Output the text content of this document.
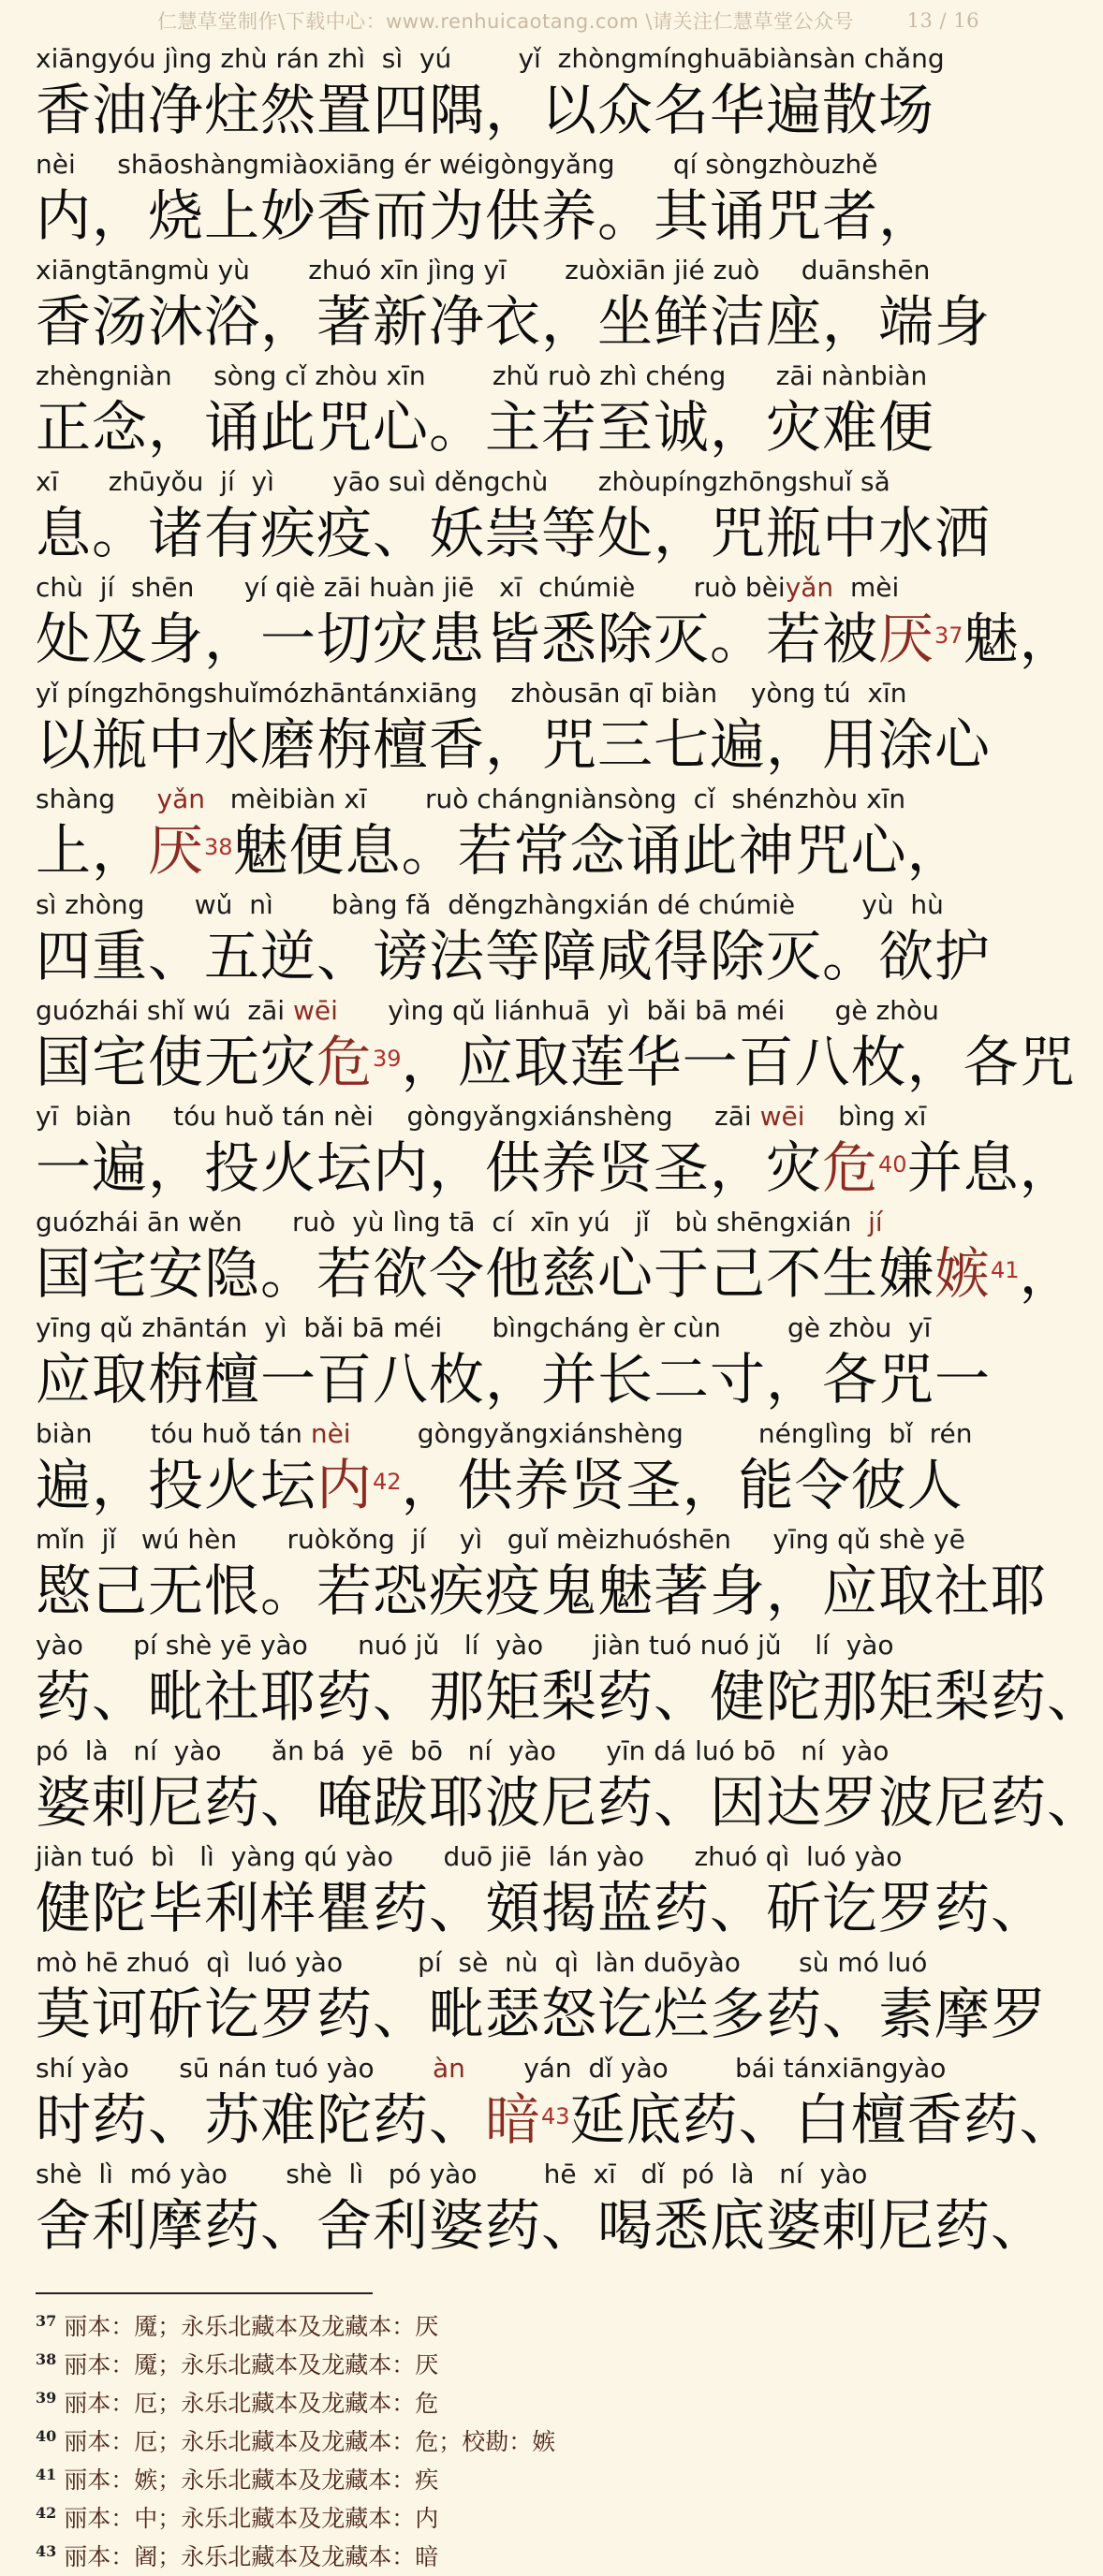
仁慧草堂制作\下载中心：www.renhuicaotang.com \请关注仁慧草堂公众号	13 / 16
xiāngyóu jìng zhù rán zhì  sì  yú        yǐ  zhòngmínghuābiànsàn chǎng
香油净炷然置四隅，以众名华遍散场
nèi     shāoshàngmiàoxiāng ér wéigòngyǎng       qí sòngzhòuzhě
内，烧上妙香而为供养。其诵咒者，
xiāngtāngmù yù       zhuó xīn jìng yī       zuòxiān jié zuò     duānshēn
香汤沐浴，著新净衣，坐鲜洁座，端身
zhèngniàn     sòng cǐ zhòu xīn        zhǔ ruò zhì chéng      zāi nànbiàn
正念，诵此咒心。主若至诚，灾难便
xī      zhūyǒu  jí  yì       yāo suì děngchù      zhòupíngzhōngshuǐ sǎ
息。诸有疾疫、妖祟等处，咒瓶中水洒
chù  jí  shēn      yí qiè zāi huàn jiē   xī  chúmiè       ruò bèiyǎn  mèi
处及身，一切灾患皆悉除灭。若被厌$^{37}$魅，
yǐ píngzhōngshuǐmózhāntánxiāng    zhòusān qī biàn    yòng tú  xīn
以瓶中水磨栴檀香，咒三七遍，用涂心
shàng     yǎn   mèibiàn xī       ruò chángniànsòng  cǐ  shénzhòu xīn
上，厌$^{38}$魅便息。若常念诵此神咒心，
sì zhòng      wǔ  nì       bàng fǎ  děngzhàngxián dé chúmiè        yù  hù
四重、五逆、谤法等障咸得除灭。欲护
guózhái shǐ wú  zāi wēi      yìng qǔ liánhuā  yì  bǎi bā méi      gè zhòu
国宅使无灾危$^{39}$，应取莲华一百八枚，各咒
yī  biàn     tóu huǒ tán nèi    gòngyǎngxiánshèng     zāi wēi    bìng xī
一遍，投火坛内，供养贤圣，灾危$^{40}$并息，
guózhái ān wěn      ruò  yù lìng tā  cí  xīn yú   jǐ   bù shēngxián  jí
国宅安隐。若欲令他慈心于己不生嫌嫉$^{41}$，
yīng qǔ zhāntán  yì  bǎi bā méi      bìngcháng èr cùn        gè zhòu  yī
应取栴檀一百八枚，并长二寸，各咒一
biàn       tóu huǒ tán nèi        gòngyǎngxiánshèng         nénglìng  bǐ  rén
遍，投火坛内$^{42}$，供养贤圣，能令彼人
mǐn  jǐ   wú hèn      ruòkǒng  jí    yì   guǐ mèizhuóshēn     yīng qǔ shè yē
愍己无恨。若恐疾疫鬼魅著身，应取社耶
yào      pí shè yē yào      nuó jǔ   lí  yào      jiàn tuó nuó jǔ    lí  yào
药、毗社耶药、那矩梨药、健陀那矩梨药、
pó  là   ní  yào      ǎn bá  yē  bō   ní  yào      yīn dá luó bō   ní  yào
婆剌尼药、唵跋耶波尼药、因达罗波尼药、
jiàn tuó  bì   lì  yàng qú yào      duō jiē  lán yào      zhuó qì  luó yào
健陀毕利样瞿药、頞揭蓝药、斫讫罗药、
mò hē zhuó  qì  luó yào         pí  sè  nù  qì  làn duōyào       sù mó luó
莫诃斫讫罗药、毗瑟怒讫烂多药、素摩罗
shí yào      sū nán tuó yào       àn       yán  dǐ yào        bái tánxiāngyào
时药、苏难陀药、暗$^{43}$延底药、白檀香药、
shè  lì  mó yào       shè  lì   pó yào        hē  xī   dǐ  pó  là   ní  yào
舍利摩药、舍利婆药、喝悉底婆剌尼药、
$^{37}$ 丽本：魇；永乐北藏本及龙藏本：厌
$^{38}$ 丽本：魇；永乐北藏本及龙藏本：厌
$^{39}$ 丽本：厄；永乐北藏本及龙藏本：危
$^{40}$ 丽本：厄；永乐北藏本及龙藏本：危；校勘：嫉
$^{41}$ 丽本：嫉；永乐北藏本及龙藏本：疾
$^{42}$ 丽本：中；永乐北藏本及龙藏本：内
$^{43}$ 丽本：阇；永乐北藏本及龙藏本：暗
